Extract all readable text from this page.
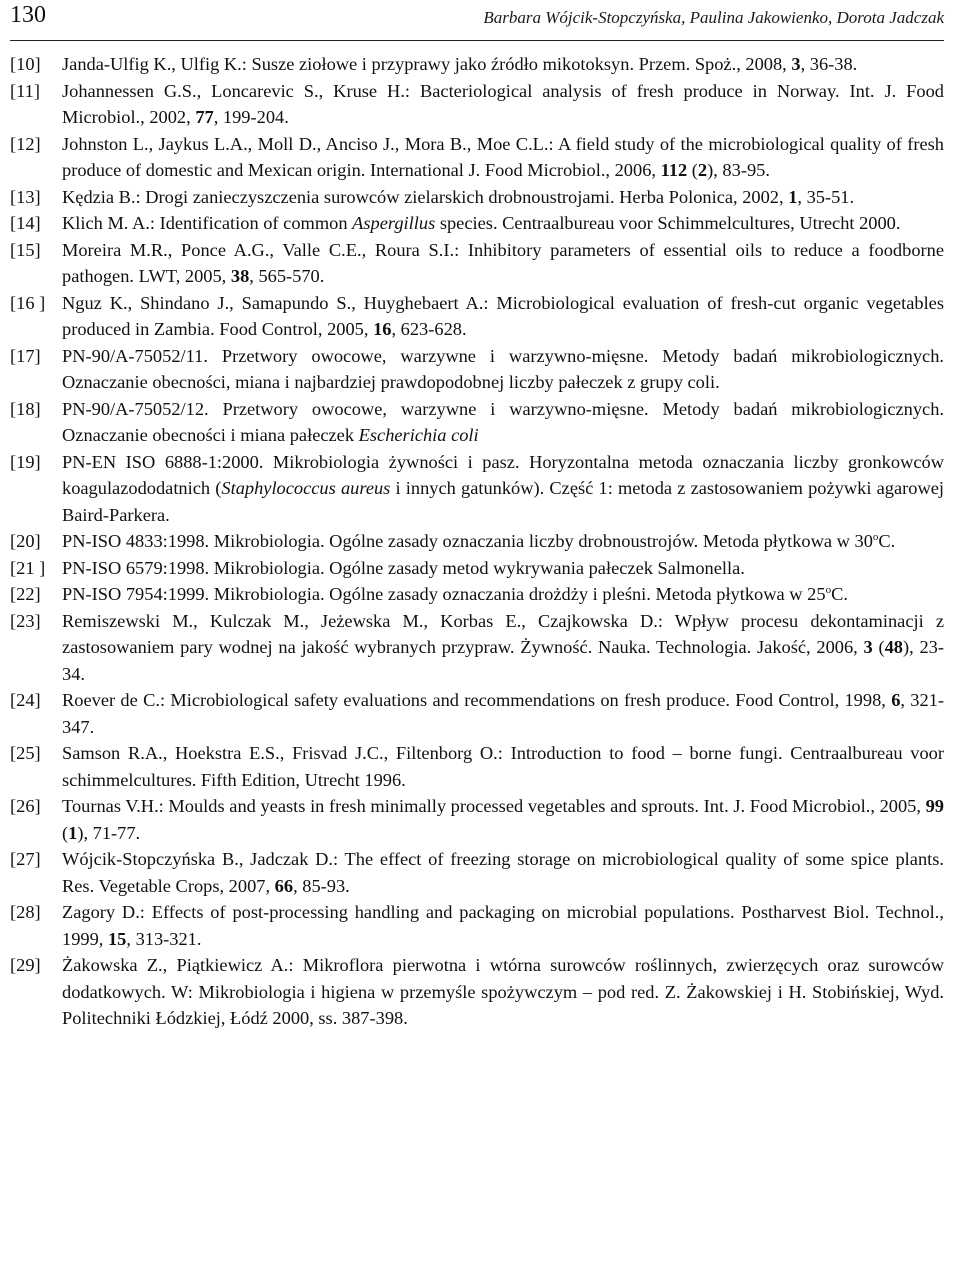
130	Barbara Wójcik-Stopczyńska, Paulina Jakowienko, Dorota Jadczak
[10]	Janda-Ulfig K., Ulfig K.: Susze ziołowe i przyprawy jako źródło mikotoksyn. Przem. Spoż., 2008, 3, 36-38.
[11]	Johannessen G.S., Loncarevic S., Kruse H.: Bacteriological analysis of fresh produce in Norway. Int. J. Food Microbiol., 2002, 77, 199-204.
[12]	Johnston L., Jaykus L.A., Moll D., Anciso J., Mora B., Moe C.L.: A field study of the microbiological quality of fresh produce of domestic and Mexican origin. International J. Food Microbiol., 2006, 112 (2), 83-95.
[13]	Kędzia B.: Drogi zanieczyszczenia surowców zielarskich drobnoustrojami. Herba Polonica, 2002, 1, 35-51.
[14]	Klich M. A.: Identification of common Aspergillus species. Centraalbureau voor Schimmelcultures, Utrecht 2000.
[15]	Moreira M.R., Ponce A.G., Valle C.E., Roura S.I.: Inhibitory parameters of essential oils to reduce a foodborne pathogen. LWT, 2005, 38, 565-570.
[16 ] Nguz K., Shindano J., Samapundo S., Huyghebaert A.: Microbiological evaluation of fresh-cut organic vegetables produced in Zambia. Food Control, 2005, 16, 623-628.
[17]	PN-90/A-75052/11. Przetwory owocowe, warzywne i warzywno-mięsne. Metody badań mikrobiologicznych. Oznaczanie obecności, miana i najbardziej prawdopodobnej liczby pałeczek z grupy coli.
[18]	PN-90/A-75052/12. Przetwory owocowe, warzywne i warzywno-mięsne. Metody badań mikrobiologicznych. Oznaczanie obecności i miana pałeczek Escherichia coli
[19]	PN-EN ISO 6888-1:2000. Mikrobiologia żywności i pasz. Horyzontalna metoda oznaczania liczby gronkowców koagulazododatnich (Staphylococcus aureus i innych gatunków). Część 1: metoda z zastosowaniem pożywki agarowej Baird-Parkera.
[20]	PN-ISO 4833:1998. Mikrobiologia. Ogólne zasady oznaczania liczby drobnoustrojów. Metoda płytkowa w 30$^o$C.
[21 ] PN-ISO 6579:1998. Mikrobiologia. Ogólne zasady metod wykrywania pałeczek Salmonella.
[22]	PN-ISO 7954:1999. Mikrobiologia. Ogólne zasady oznaczania drożdży i pleśni. Metoda płytkowa w 25$^o$C.
[23]	Remiszewski M., Kulczak M., Jeżewska M., Korbas E., Czajkowska D.: Wpływ procesu dekontaminacji z zastosowaniem pary wodnej na jakość wybranych przypraw. Żywność. Nauka. Technologia. Jakość, 2006, 3 (48), 23-34.
[24]	Roever de C.: Microbiological safety evaluations and recommendations on fresh produce. Food Control, 1998, 6, 321-347.
[25]	Samson R.A., Hoekstra E.S., Frisvad J.C., Filtenborg O.: Introduction to food – borne fungi. Centraalbureau voor schimmelcultures. Fifth Edition, Utrecht 1996.
[26]	Tournas V.H.: Moulds and yeasts in fresh minimally processed vegetables and sprouts. Int. J. Food Microbiol., 2005, 99 (1), 71-77.
[27]	Wójcik-Stopczyńska B., Jadczak D.: The effect of freezing storage on microbiological quality of some spice plants. Res. Vegetable Crops, 2007, 66, 85-93.
[28]	Zagory D.: Effects of post-processing handling and packaging on microbial populations. Postharvest Biol. Technol., 1999, 15, 313-321.
[29]	Żakowska Z., Piątkiewicz A.: Mikroflora pierwotna i wtórna surowców roślinnych, zwierzęcych oraz surowców dodatkowych. W: Mikrobiologia i higiena w przemyśle spożywczym – pod red. Z. Żakowskiej i H. Stobińskiej, Wyd. Politechniki Łódzkiej, Łódź 2000, ss. 387-398.
